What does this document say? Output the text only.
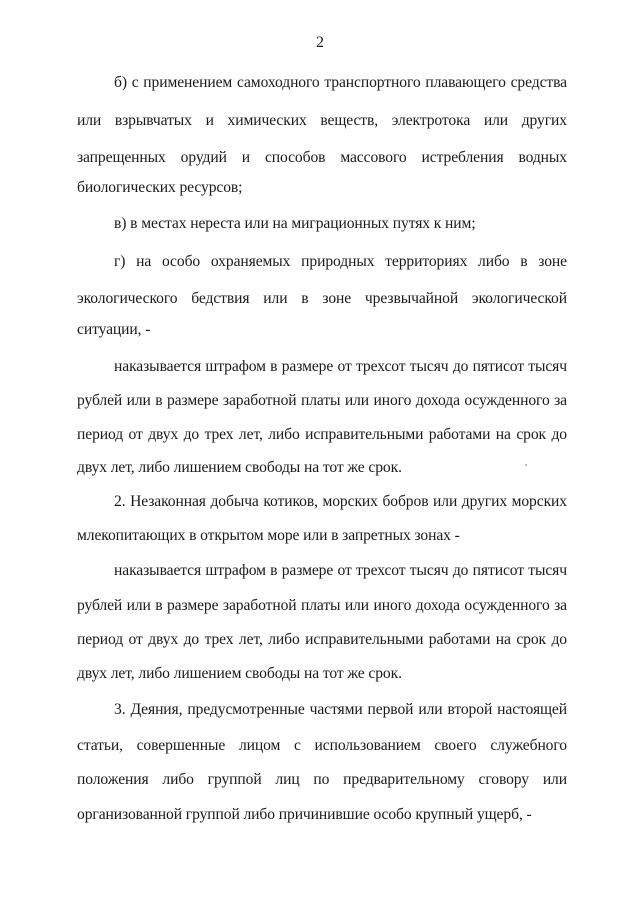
2
б) с применением самоходного транспортного плавающего средства
или взрывчатых и химических веществ, электротока или других
запрещенных орудий и способов массового истребления водных
биологических ресурсов;
в) в местах нереста или на миграционных путях к ним;
г) на особо охраняемых природных территориях либо в зоне
экологического бедствия или в зоне чрезвычайной экологической
ситуации, -
наказывается штрафом в размере от трехсот тысяч до пятисот тысяч
рублей или в размере заработной платы или иного дохода осужденного за
период от двух до трех лет, либо исправительными работами на срок до
двух лет, либо лишением свободы на тот же срок.
2. Незаконная добыча котиков, морских бобров или других морских
млекопитающих в открытом море или в запретных зонах -
наказывается штрафом в размере от трехсот тысяч до пятисот тысяч
рублей или в размере заработной платы или иного дохода осужденного за
период от двух до трех лет, либо исправительными работами на срок до
двух лет, либо лишением свободы на тот же срок.
3. Деяния, предусмотренные частями первой или второй настоящей
статьи, совершенные лицом с использованием своего служебного
положения либо группой лиц по предварительному сговору или
организованной группой либо причинившие особо крупный ущерб, -
